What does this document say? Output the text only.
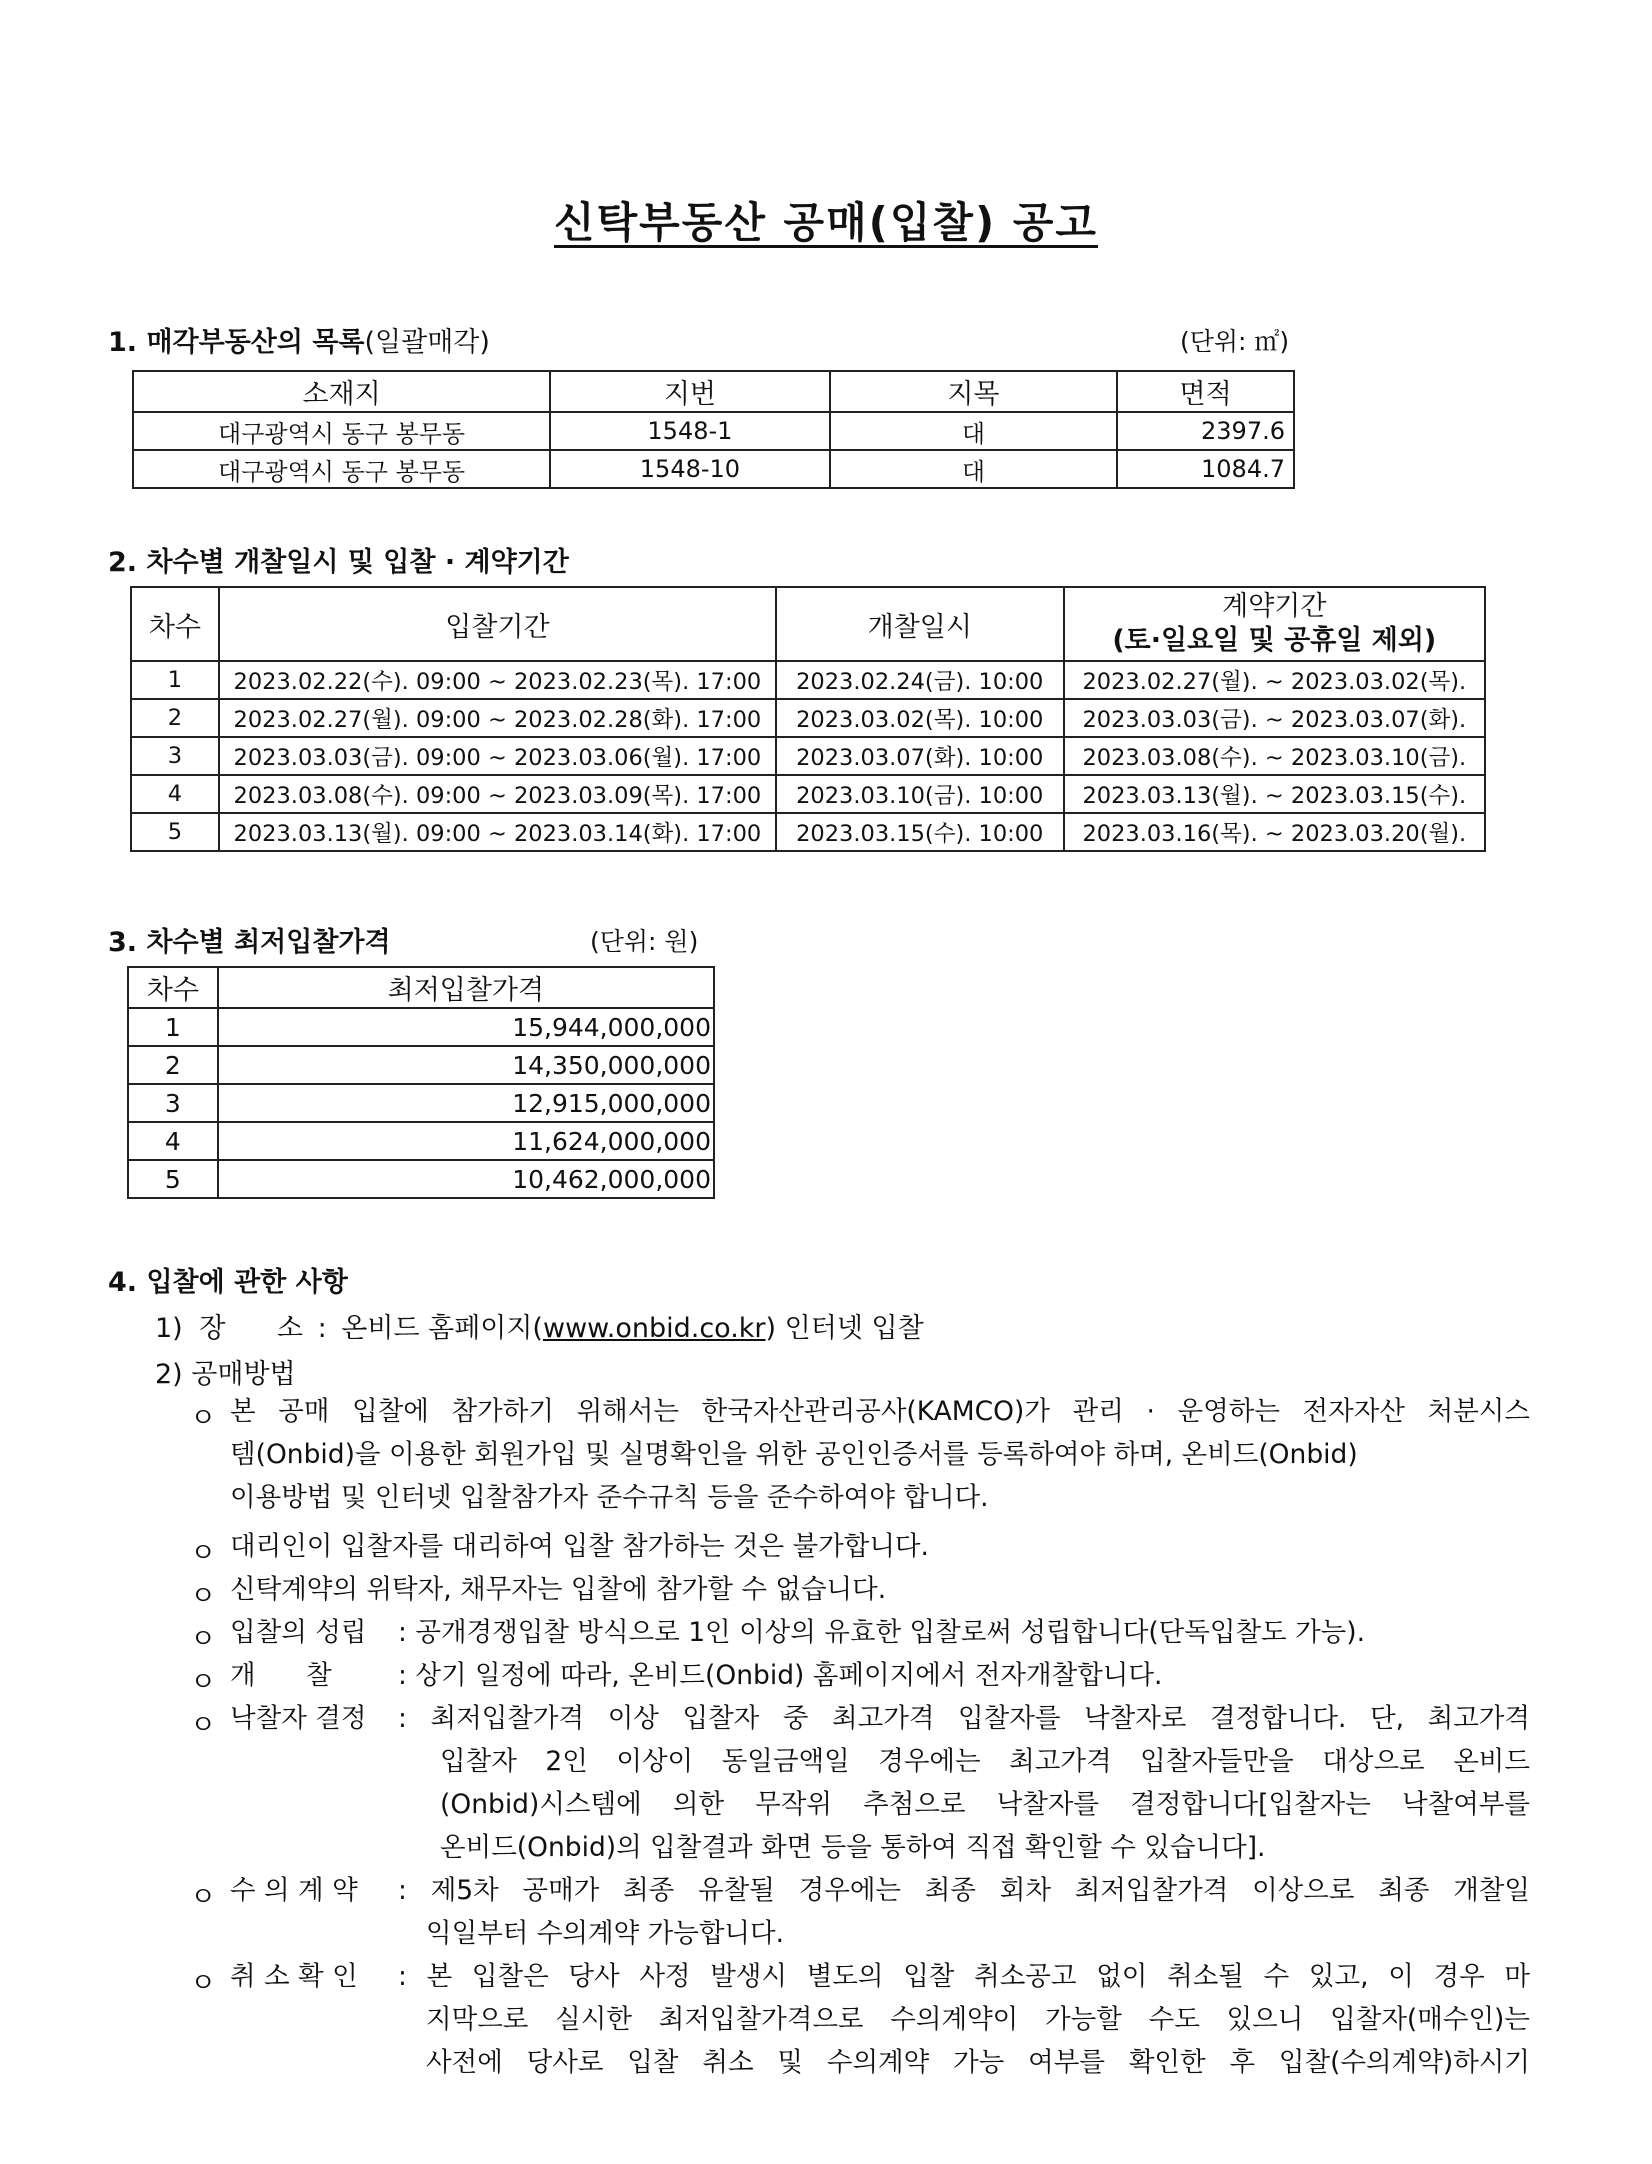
신탁부동산 공매(입찰) 공고
1. 매각부동산의 목록(일괄매각)	(단위: ㎡)
소재지	지번	지목	면적
대구광역시 동구 봉무동	1548-1	대	2397.6
대구광역시 동구 봉무동	1548-10	대	1084.7
2. 차수별 개찰일시 및 입찰 · 계약기간
차수	입찰기간	개찰일시	계약기간
(토·일요일 및 공휴일 제외)

1	2023.02.22(수). 09:00 ~ 2023.02.23(목). 17:00	2023.02.24(금). 10:00	2023.02.27(월). ~ 2023.03.02(목).
2	2023.02.27(월). 09:00 ~ 2023.02.28(화). 17:00	2023.03.02(목). 10:00	2023.03.03(금). ~ 2023.03.07(화).
3	2023.03.03(금). 09:00 ~ 2023.03.06(월). 17:00	2023.03.07(화). 10:00	2023.03.08(수). ~ 2023.03.10(금).
4	2023.03.08(수). 09:00 ~ 2023.03.09(목). 17:00	2023.03.10(금). 10:00	2023.03.13(월). ~ 2023.03.15(수).
5	2023.03.13(월). 09:00 ~ 2023.03.14(화). 17:00	2023.03.15(수). 10:00	2023.03.16(목). ~ 2023.03.20(월).
3. 차수별 최저입찰가격	(단위: 원)
차수	최저입찰가격
1	15,944,000,000
2	14,350,000,000
3	12,915,000,000
4	11,624,000,000
5	10,462,000,000
4. 입찰에 관한 사항
1) 장      소 : 온비드 홈페이지(www.onbid.co.kr) 인터넷 입찰
2) 공매방법
ㅇ 본 공매 입찰에 참가하기 위해서는 한국자산관리공사(KAMCO)가 관리 · 운영하는 전자자산 처분시스
템(Onbid)을 이용한 회원가입 및 실명확인을 위한 공인인증서를 등록하여야 하며, 온비드(Onbid)
이용방법 및 인터넷 입찰참가자 준수규칙 등을 준수하여야 합니다.
ㅇ 대리인이 입찰자를 대리하여 입찰 참가하는 것은 불가합니다.
ㅇ 신탁계약의 위탁자, 채무자는 입찰에 참가할 수 없습니다.
ㅇ 입찰의 성립	: 공개경쟁입찰 방식으로 1인 이상의 유효한 입찰로써 성립합니다(단독입찰도 가능).
ㅇ 개      찰	: 상기 일정에 따라, 온비드(Onbid) 홈페이지에서 전자개찰합니다.
ㅇ 낙찰자 결정 : 최저입찰가격 이상 입찰자 중 최고가격 입찰자를 낙찰자로 결정합니다. 단, 최고가격
입찰자 2인 이상이 동일금액일 경우에는 최고가격 입찰자들만을 대상으로 온비드
(Onbid)시스템에 의한 무작위 추첨으로 낙찰자를 결정합니다[입찰자는 낙찰여부를
온비드(Onbid)의 입찰결과 화면 등을 통하여 직접 확인할 수 있습니다].
ㅇ 수 의 계 약 : 제5차 공매가 최종 유찰될 경우에는 최종 회차 최저입찰가격 이상으로 최종 개찰일
익일부터 수의계약 가능합니다.
ㅇ 취 소 확 인 : 본 입찰은 당사 사정 발생시 별도의 입찰 취소공고 없이 취소될 수 있고, 이 경우 마
지막으로 실시한 최저입찰가격으로 수의계약이 가능할 수도 있으니 입찰자(매수인)는
사전에 당사로 입찰 취소 및 수의계약 가능 여부를 확인한 후 입찰(수의계약)하시기
